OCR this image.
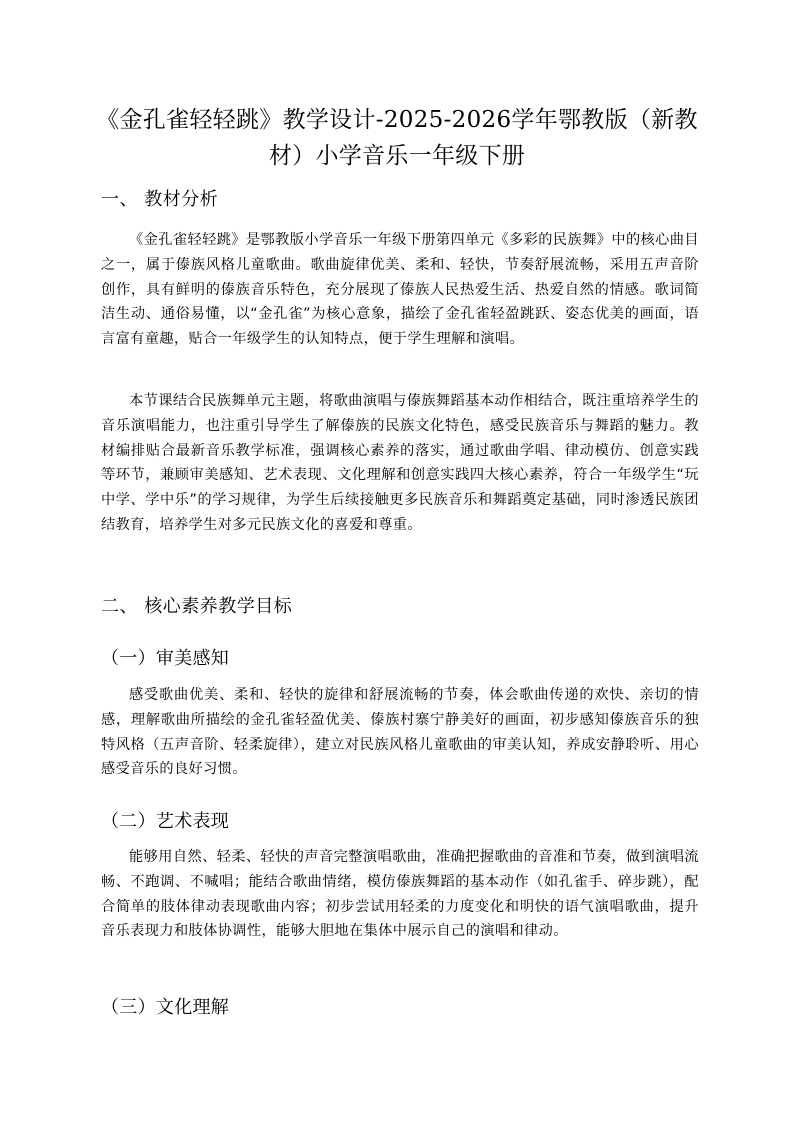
《金孔雀轻轻跳》教学设计-2025-2026学年鄂教版（新教材）小学音乐一年级下册
一、 教材分析

《金孔雀轻轻跳》是鄂教版小学音乐一年级下册第四单元《多彩的民族舞》中的核心曲目之一，属于傣族风格儿童歌曲。歌曲旋律优美、柔和、轻快，节奏舒展流畅，采用五声音阶创作，具有鲜明的傣族音乐特色，充分展现了傣族人民热爱生活、热爱自然的情感。歌词简洁生动、通俗易懂，以“金孔雀”为核心意象，描绘了金孔雀轻盈跳跃、姿态优美的画面，语言富有童趣，贴合一年级学生的认知特点，便于学生理解和演唱。

本节课结合民族舞单元主题，将歌曲演唱与傣族舞蹈基本动作相结合，既注重培养学生的音乐演唱能力，也注重引导学生了解傣族的民族文化特色，感受民族音乐与舞蹈的魅力。教材编排贴合最新音乐教学标准，强调核心素养的落实，通过歌曲学唱、律动模仿、创意实践等环节，兼顾审美感知、艺术表现、文化理解和创意实践四大核心素养，符合一年级学生“玩中学、学中乐”的学习规律，为学生后续接触更多民族音乐和舞蹈奠定基础，同时渗透民族团结教育，培养学生对多元民族文化的喜爱和尊重。

二、 核心素养教学目标
（一）审美感知

感受歌曲优美、柔和、轻快的旋律和舒展流畅的节奏，体会歌曲传递的欢快、亲切的情感，理解歌曲所描绘的金孔雀轻盈优美、傣族村寨宁静美好的画面，初步感知傣族音乐的独特风格（五声音阶、轻柔旋律），建立对民族风格儿童歌曲的审美认知，养成安静聆听、用心感受音乐的良好习惯。

（二）艺术表现

能够用自然、轻柔、轻快的声音完整演唱歌曲，准确把握歌曲的音准和节奏，做到演唱流畅、不跑调、不喊唱；能结合歌曲情绪，模仿傣族舞蹈的基本动作（如孔雀手、碎步跳），配合简单的肢体律动表现歌曲内容；初步尝试用轻柔的力度变化和明快的语气演唱歌曲，提升音乐表现力和肢体协调性，能够大胆地在集体中展示自己的演唱和律动。

（三）文化理解
